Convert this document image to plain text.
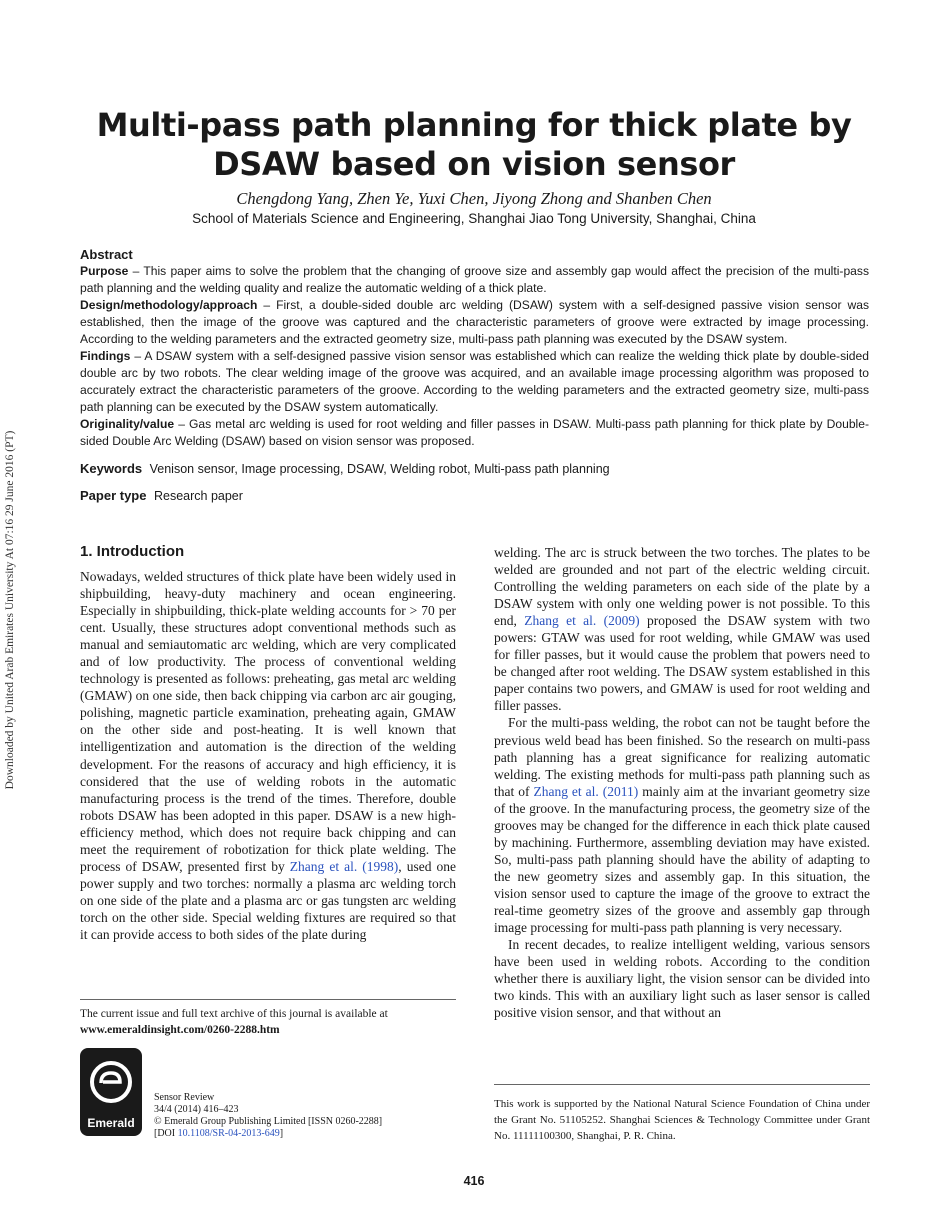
Downloaded by United Arab Emirates University At 07:16 29 June 2016 (PT)
Multi-pass path planning for thick plate by
DSAW based on vision sensor
Chengdong Yang, Zhen Ye, Yuxi Chen, Jiyong Zhong and Shanben Chen
School of Materials Science and Engineering, Shanghai Jiao Tong University, Shanghai, China
Abstract

Purpose – This paper aims to solve the problem that the changing of groove size and assembly gap would affect the precision of the multi-pass path planning and the welding quality and realize the automatic welding of a thick plate.

Design/methodology/approach – First, a double-sided double arc welding (DSAW) system with a self-designed passive vision sensor was established, then the image of the groove was captured and the characteristic parameters of groove were extracted by image processing. According to the welding parameters and the extracted geometry size, multi-pass path planning was executed by the DSAW system.

Findings – A DSAW system with a self-designed passive vision sensor was established which can realize the welding thick plate by double-sided double arc by two robots. The clear welding image of the groove was acquired, and an available image processing algorithm was proposed to accurately extract the characteristic parameters of the groove. According to the welding parameters and the extracted geometry size, multi-pass path planning can be executed by the DSAW system automatically.

Originality/value – Gas metal arc welding is used for root welding and filler passes in DSAW. Multi-pass path planning for thick plate by Double-sided Double Arc Welding (DSAW) based on vision sensor was proposed.

Keywords Venison sensor, Image processing, DSAW, Welding robot, Multi-pass path planning
Paper type Research paper
1. Introduction

Nowadays, welded structures of thick plate have been widely used in shipbuilding, heavy-duty machinery and ocean engineering. Especially in shipbuilding, thick-plate welding accounts for > 70 per cent. Usually, these structures adopt conventional methods such as manual and semiautomatic arc welding, which are very complicated and of low productivity. The process of conventional welding technology is presented as follows: preheating, gas metal arc welding (GMAW) on one side, then back chipping via carbon arc air gouging, polishing, magnetic particle examination, preheating again, GMAW on the other side and post-heating. It is well known that intelligentization and automation is the direction of the welding development. For the reasons of accuracy and high efficiency, it is considered that the use of welding robots in the automatic manufacturing process is the trend of the times. Therefore, double robots DSAW has been adopted in this paper. DSAW is a new high-efficiency method, which does not require back chipping and can meet the requirement of robotization for thick plate welding. The process of DSAW, presented first by Zhang et al. (1998), used one power supply and two torches: normally a plasma arc welding torch on one side of the plate and a plasma arc or gas tungsten arc welding torch on the other side. Special welding fixtures are required so that it can provide access to both sides of the plate during

welding. The arc is struck between the two torches. The plates to be welded are grounded and not part of the electric welding circuit. Controlling the welding parameters on each side of the plate by a DSAW system with only one welding power is not possible. To this end, Zhang et al. (2009) proposed the DSAW system with two powers: GTAW was used for root welding, while GMAW was used for filler passes, but it would cause the problem that powers need to be changed after root welding. The DSAW system established in this paper contains two powers, and GMAW is used for root welding and filler passes.

For the multi-pass welding, the robot can not be taught before the previous weld bead has been finished. So the research on multi-pass path planning has a great significance for realizing automatic welding. The existing methods for multi-pass path planning such as that of Zhang et al. (2011) mainly aim at the invariant geometry size of the groove. In the manufacturing process, the geometry size of the grooves may be changed for the difference in each thick plate caused by machining. Furthermore, assembling deviation may have existed. So, multi-pass path planning should have the ability of adapting to the new geometry sizes and assembly gap. In this situation, the vision sensor used to capture the image of the groove to extract the real-time geometry sizes of the groove and assembly gap through image processing for multi-pass path planning is very necessary.

In recent decades, to realize intelligent welding, various sensors have been used in welding robots. According to the condition whether there is auxiliary light, the vision sensor can be divided into two kinds. This with an auxiliary light such as laser sensor is called positive vision sensor, and that without an

The current issue and full text archive of this journal is available at
www.emeraldinsight.com/0260-2288.htm
Emerald
Sensor Review
34/4 (2014) 416–423
© Emerald Group Publishing Limited [ISSN 0260-2288]
[DOI 10.1108/SR-04-2013-649]
This work is supported by the National Natural Science Foundation of China under the Grant No. 51105252. Shanghai Sciences & Technology Committee under Grant No. 11111100300, Shanghai, P. R. China.
416
